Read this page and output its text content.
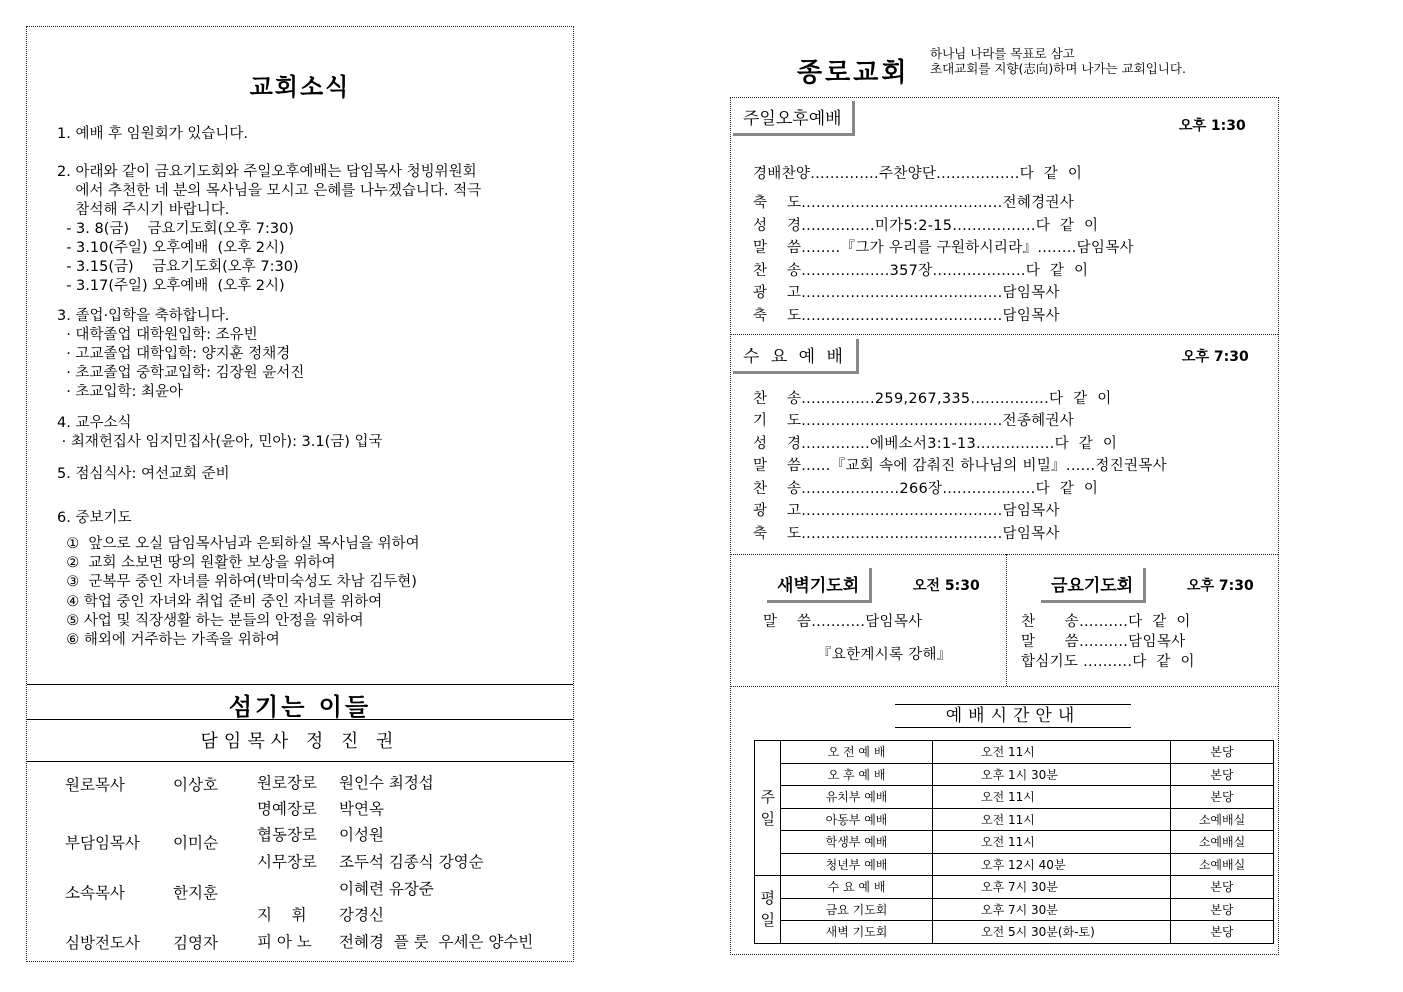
교회소식
1. 예배 후 임원회가 있습니다.
2. 아래와 같이 금요기도회와 주일오후예배는 담임목사 청빙위원회
에서 추천한 네 분의 목사님을 모시고 은혜를 나누겠습니다. 적극
참석해 주시기 바랍니다.
- 3. 8(금)    금요기도회(오후 7:30)
- 3.10(주일) 오후예배  (오후 2시)
- 3.15(금)    금요기도회(오후 7:30)
- 3.17(주일) 오후예배  (오후 2시)
3. 졸업·입학을 축하합니다.
· 대학졸업 대학원입학: 조유빈
· 고교졸업 대학입학: 양지훈 정채경
· 초교졸업 중학교입학: 김장원 윤서진
· 초교입학: 최윤아
4. 교우소식
· 최재헌집사 임지민집사(윤아, 민아): 3.1(금) 입국
5. 점심식사: 여선교회 준비
6. 중보기도
①  앞으로 오실 담임목사님과 은퇴하실 목사님을 위하여
②  교회 소보면 땅의 원활한 보상을 위하여
③  군복무 중인 자녀를 위하여(박미숙성도 차남 김두현)
④ 학업 중인 자녀와 취업 준비 중인 자녀를 위하여
⑤ 사업 및 직장생활 하는 분들의 안정을 위하여
⑥ 해외에 거주하는 가족을 위하여
섬기는 이들
담임목사 정 진 권
원로목사	이상호
부담임목사 이미순
소속목사	한지훈
심방전도사 김영자
원로장로 원인수 최정섭
명예장로 박연옥
협동장로 이성원
시무장로 조두석 김종식 강영순
이혜련 유장준
지    휘 강경신
피 아 노 전혜경  플 룻  우세은 양수빈
종로교회
하나님 나라를 목표로 삼고
초대교회를 지향(志向)하며 나가는 교회입니다.
주일오후예배	오후 1:30
경배찬양..............주찬양단.................다  같  이
축    도.........................................전혜경권사
성    경...............미가5:2-15.................다  같  이
말    씀........『그가 우리를 구원하시리라』........담임목사
찬    송..................357장...................다  같  이
광    고.........................................담임목사
축    도.........................................담임목사
수 요 예 배	오후 7:30
찬    송...............259,267,335................다  같  이
기    도.........................................전종혜권사
성    경..............에베소서3:1-13................다  같  이
말    씀......『교회 속에 감춰진 하나님의 비밀』......정진권목사
찬    송....................266장...................다  같  이
광    고.........................................담임목사
축    도.........................................담임목사
새벽기도회	오전 5:30
말    씀...........담임목사
『요한계시록 강해』
금요기도회	오후 7:30
찬      송..........다  같  이
말      씀..........담임목사
합심기도 ..........다  같  이
예배시간안내
주일	오 전 예 배	오전 11시	본당
	오 후 예 배	오후 1시 30분	본당
	유치부 예배	오전 11시	본당
	아동부 예배	오전 11시	소예배실
	학생부 예배	오전 11시	소예배실
	청년부 예배	오후 12시 40분	소예배실
평일	수 요 예 배	오후 7시 30분	본당
	금요 기도회	오후 7시 30분	본당
	새벽 기도회	오전 5시 30분(화-토)	본당
